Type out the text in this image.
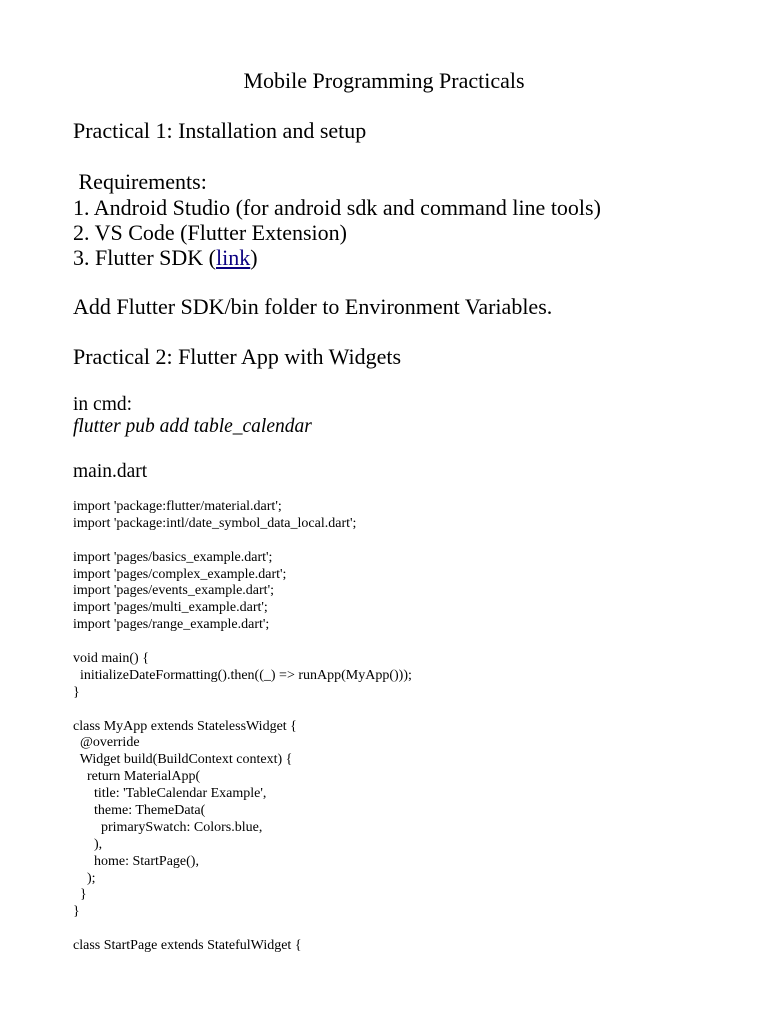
Mobile Programming Practicals
Practical 1: Installation and setup
Requirements:
1. Android Studio (for android sdk and command line tools)
2. VS Code (Flutter Extension)
3. Flutter SDK (link)
Add Flutter SDK/bin folder to Environment Variables.
Practical 2: Flutter App with Widgets
in cmd:
flutter pub add table_calendar
main.dart
import 'package:flutter/material.dart';
import 'package:intl/date_symbol_data_local.dart';
import 'pages/basics_example.dart';
import 'pages/complex_example.dart';
import 'pages/events_example.dart';
import 'pages/multi_example.dart';
import 'pages/range_example.dart';
void main() {
initializeDateFormatting().then((_) => runApp(MyApp()));
}
class MyApp extends StatelessWidget {
@override
Widget build(BuildContext context) {
return MaterialApp(
title: 'TableCalendar Example',
theme: ThemeData(
primarySwatch: Colors.blue,
),
home: StartPage(),
);
}
}
class StartPage extends StatefulWidget {
